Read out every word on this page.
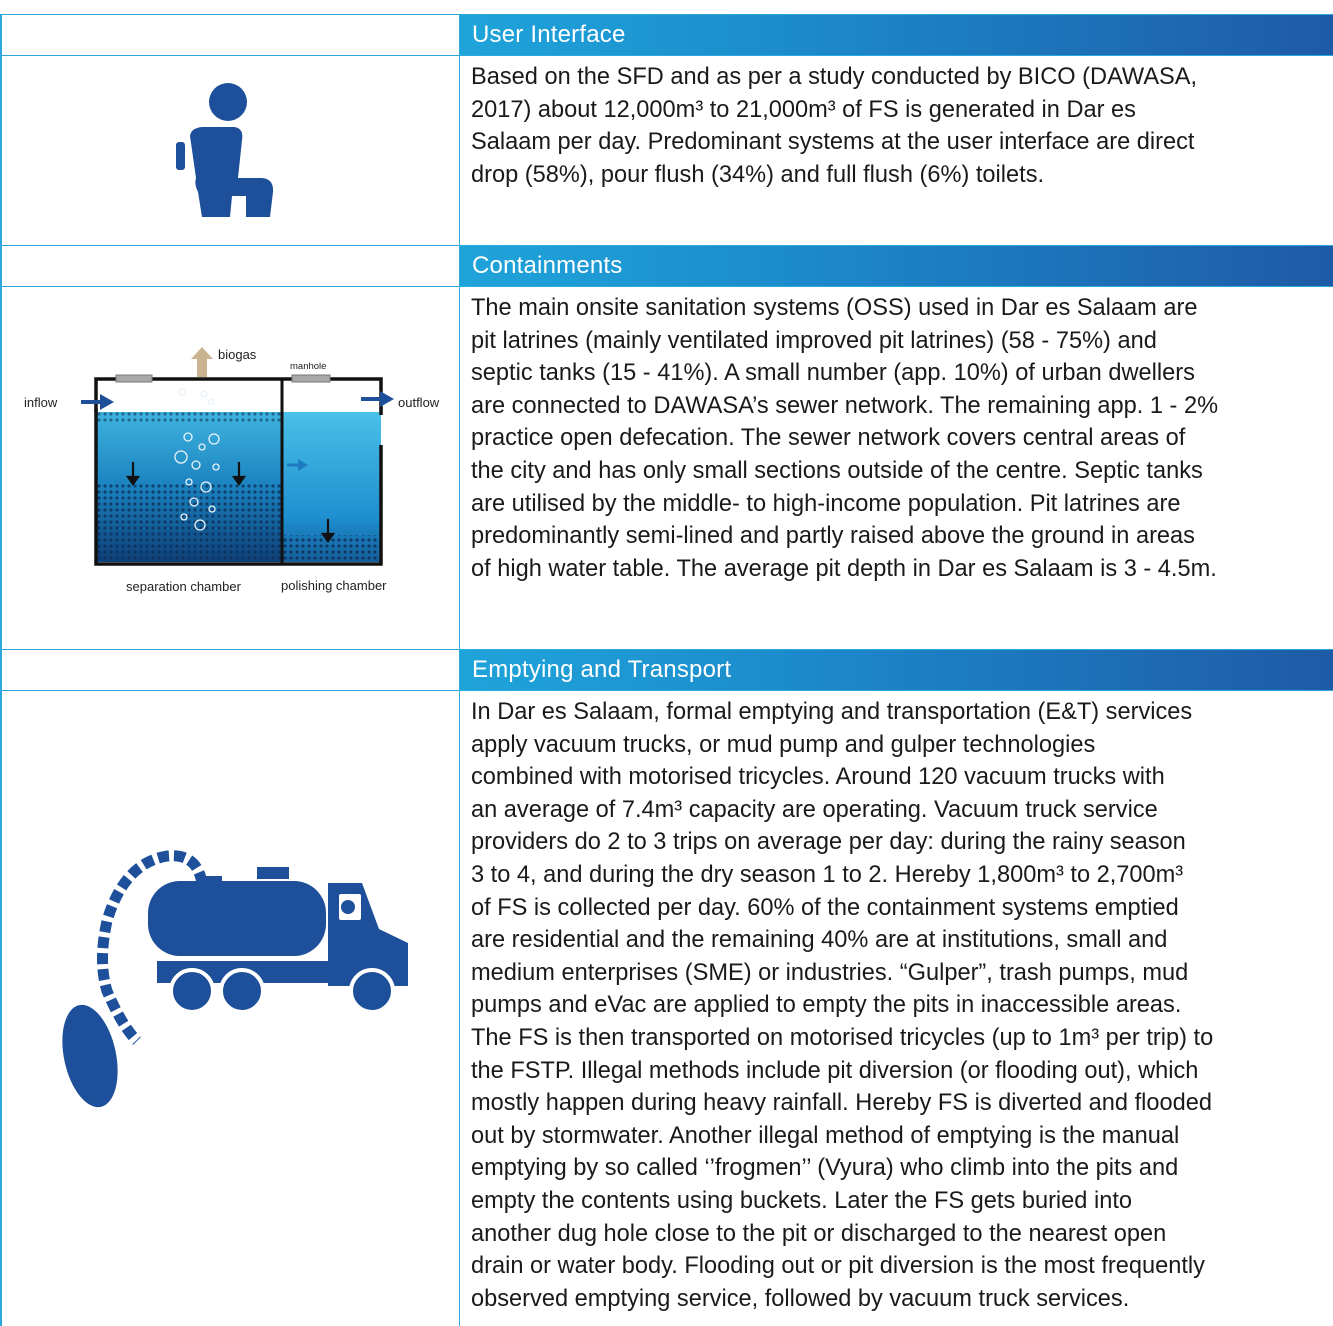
User Interface
Based on the SFD and as per a study conducted by BICO (DAWASA,
2017) about 12,000m³ to 21,000m³ of FS is generated in Dar es
Salaam per day. Predominant systems at the user interface are direct
drop (58%), pour flush (34%) and full flush (6%) toilets.
Containments
inflow	outflow
biogas
manhole
separation chamber	polishing chamber
The main onsite sanitation systems (OSS) used in Dar es Salaam are
pit latrines (mainly ventilated improved pit latrines) (58 - 75%) and
septic tanks (15 - 41%). A small number (app. 10%) of urban dwellers
are connected to DAWASA’s sewer network. The remaining app. 1 - 2%
practice open defecation. The sewer network covers central areas of
the city and has only small sections outside of the centre. Septic tanks
are utilised by the middle- to high-income population. Pit latrines are
predominantly semi-lined and partly raised above the ground in areas
of high water table. The average pit depth in Dar es Salaam is 3 - 4.5m.
Emptying and Transport
In Dar es Salaam, formal emptying and transportation (E&T) services
apply vacuum trucks, or mud pump and gulper technologies
combined with motorised tricycles. Around 120 vacuum trucks with
an average of 7.4m³ capacity are operating. Vacuum truck service
providers do 2 to 3 trips on average per day: during the rainy season
3 to 4, and during the dry season 1 to 2. Hereby 1,800m³ to 2,700m³
of FS is collected per day. 60% of the containment systems emptied
are residential and the remaining 40% are at institutions, small and
medium enterprises (SME) or industries. “Gulper”, trash pumps, mud
pumps and eVac are applied to empty the pits in inaccessible areas.
The FS is then transported on motorised tricycles (up to 1m³ per trip) to
the FSTP. Illegal methods include pit diversion (or flooding out), which
mostly happen during heavy rainfall. Hereby FS is diverted and flooded
out by stormwater. Another illegal method of emptying is the manual
emptying by so called ‘’frogmen’’ (Vyura) who climb into the pits and
empty the contents using buckets. Later the FS gets buried into
another dug hole close to the pit or discharged to the nearest open
drain or water body. Flooding out or pit diversion is the most frequently
observed emptying service, followed by vacuum truck services.
